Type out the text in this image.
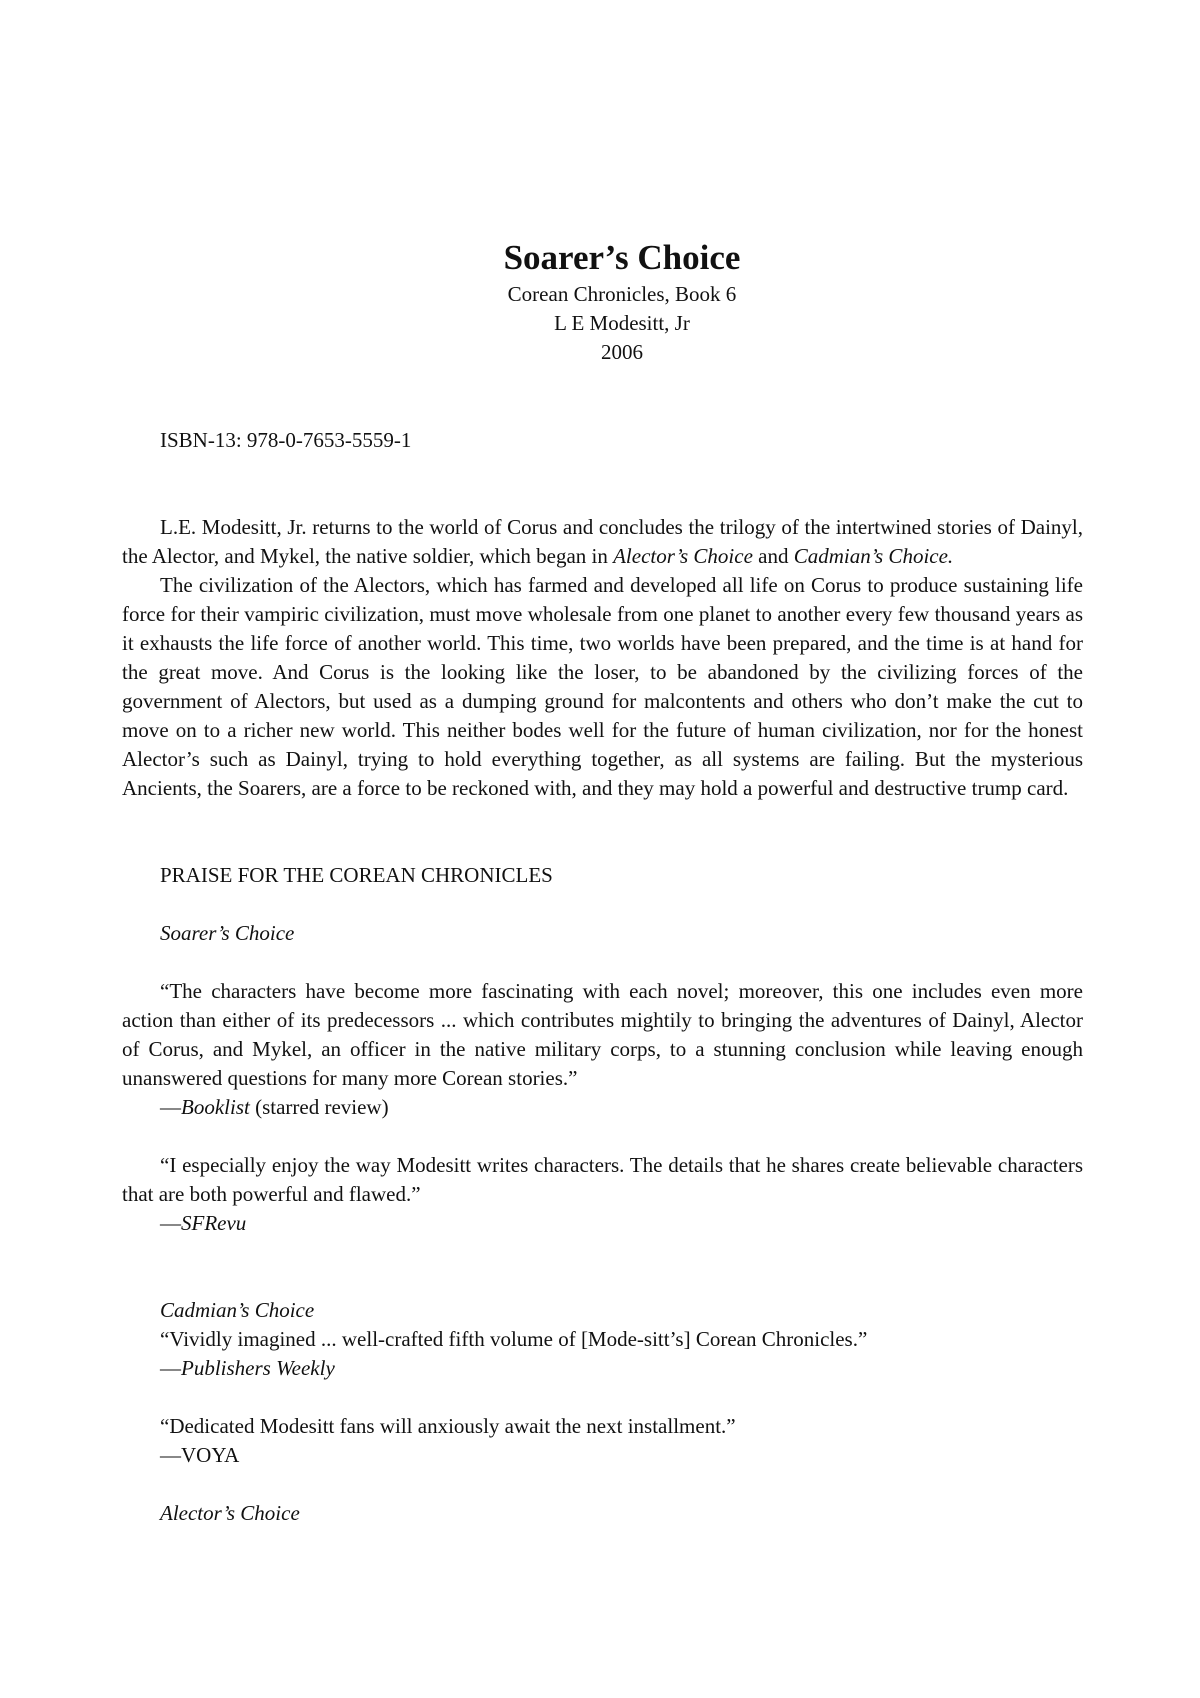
Soarer’s Choice

Corean Chronicles, Book 6

L E Modesitt, Jr

2006

ISBN-13: 978-0-7653-5559-1

L.E. Modesitt, Jr. returns to the world of Corus and concludes the trilogy of the intertwined stories of Dainyl, the Alector, and Mykel, the native soldier, which began in Alector’s Choice and Cadmian’s Choice.

The civilization of the Alectors, which has farmed and developed all life on Corus to produce sustaining life force for their vampiric civilization, must move wholesale from one planet to another every few thousand years as it exhausts the life force of another world. This time, two worlds have been prepared, and the time is at hand for the great move. And Corus is the looking like the loser, to be abandoned by the civilizing forces of the government of Alectors, but used as a dumping ground for malcontents and others who don’t make the cut to move on to a richer new world. This neither bodes well for the future of human civilization, nor for the honest Alector’s such as Dainyl, trying to hold everything together, as all systems are failing. But the mysterious Ancients, the Soarers, are a force to be reckoned with, and they may hold a powerful and destructive trump card.

PRAISE FOR THE COREAN CHRONICLES

Soarer’s Choice

“The characters have become more fascinating with each novel; moreover, this one includes even more action than either of its predecessors ... which contributes mightily to bringing the adventures of Dainyl, Alector of Corus, and Mykel, an officer in the native military corps, to a stunning conclusion while leaving enough unanswered questions for many more Corean stories.”

—Booklist (starred review)

“I especially enjoy the way Modesitt writes characters. The details that he shares create believable characters that are both powerful and flawed.”

—SFRevu

Cadmian’s Choice

“Vividly imagined ... well-crafted fifth volume of [Mode-sitt’s] Corean Chronicles.”

—Publishers Weekly

“Dedicated Modesitt fans will anxiously await the next installment.”

—VOYA

Alector’s Choice
